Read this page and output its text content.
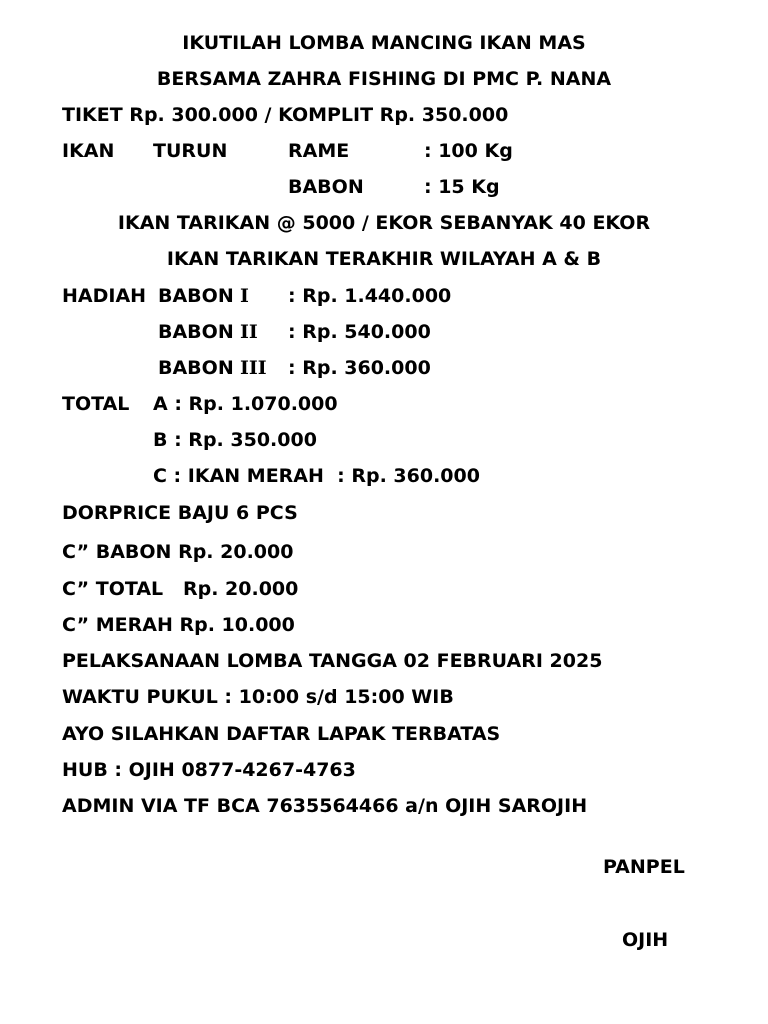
IKUTILAH LOMBA MANCING IKAN MAS
BERSAMA ZAHRA FISHING DI PMC P. NANA
TIKET Rp. 300.000 / KOMPLIT Rp. 350.000
IKAN TURUN	RAME	: 100 Kg
BABON	: 15 Kg
IKAN TARIKAN @ 5000 / EKOR SEBANYAK 40 EKOR
IKAN TARIKAN TERAKHIR WILAYAH A & B
HADIAH BABON I : Rp. 1.440.000
BABON II : Rp. 540.000
BABON III : Rp. 360.000
TOTAL A : Rp. 1.070.000
B : Rp. 350.000
C : IKAN MERAH  : Rp. 360.000
DORPRICE BAJU 6 PCS
C” BABON Rp. 20.000
C” TOTAL   Rp. 20.000
C” MERAH Rp. 10.000
PELAKSANAAN LOMBA TANGGA 02 FEBRUARI 2025
WAKTU PUKUL : 10:00 s/d 15:00 WIB
AYO SILAHKAN DAFTAR LAPAK TERBATAS
HUB : OJIH 0877-4267-4763
ADMIN VIA TF BCA 7635564466 a/n OJIH SAROJIH
PANPEL
OJIH
